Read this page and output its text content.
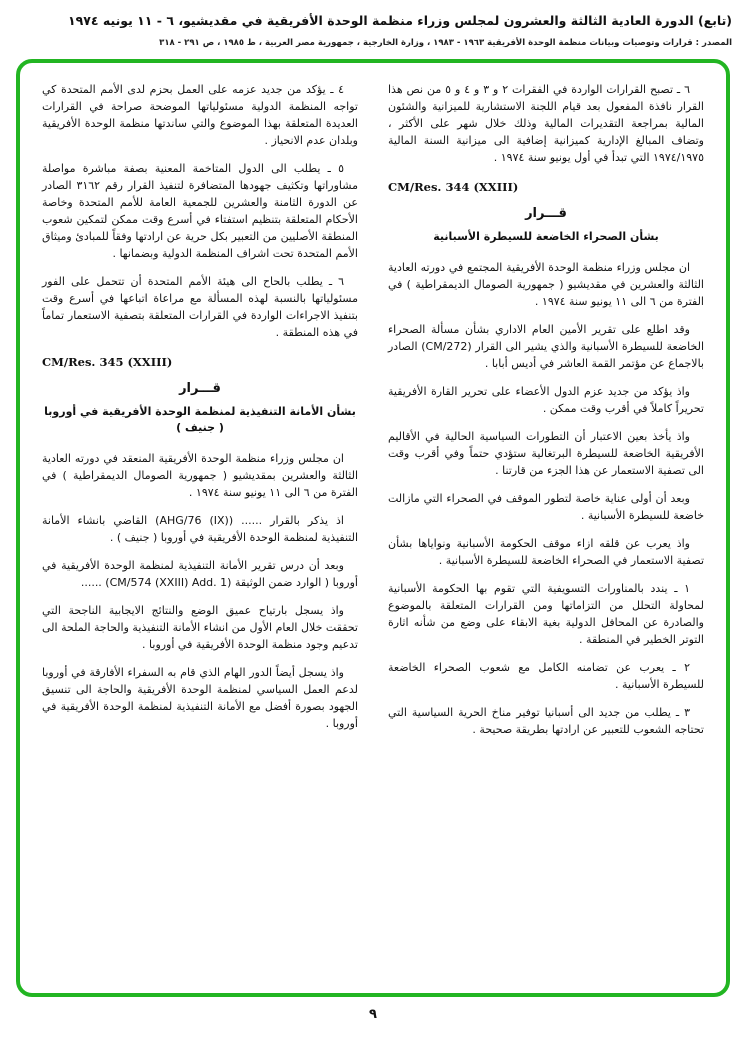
(تابع) الدورة العادية الثالثة والعشرون لمجلس وزراء منظمة الوحدة الأفريقية في مقديشيو، ٦ - ١١ يونيه ١٩٧٤
المصدر : قرارات وتوصيات وبيانات منظمة الوحدة الأفريقية ١٩٦٣ - ١٩٨٣ ، وزارة الخارجية ، جمهورية مصر العربية ، ط ١٩٨٥ ، ص ٢٩١ - ٣١٨

٦ ـ تصبح القرارات الواردة في الفقرات ٢ و ٣ و ٤ و ٥ من نص هذا القرار نافذة المفعول بعد قيام اللجنة الاستشارية للميزانية والشئون المالية بمراجعة التقديرات المالية وذلك خلال شهر على الأكثر ، وتضاف المبالغ الإدارية كميزانية إضافية الى ميزانية السنة المالية ١٩٧٤/١٩٧٥ التي تبدأ في أول يونيو سنة ١٩٧٤ .

CM/Res. 344 (XXIII)

قـــرار
بشأن الصحراء الخاضعة للسيطرة الأسبانية

ان مجلس وزراء منظمة الوحدة الأفريقية المجتمع في دورته العادية الثالثة والعشرين في مقديشيو ( جمهورية الصومال الديمقراطية ) في الفترة من ٦ الى ١١ يونيو سنة ١٩٧٤ .

وقد اطلع على تقرير الأمين العام الاداري بشأن مسألة الصحراء الخاضعة للسيطرة الأسبانية والذي يشير الى القرار (CM/272) الصادر بالاجماع عن مؤتمر القمة العاشر في أديس أبابا .

واذ يؤكد من جديد عزم الدول الأعضاء على تحرير القارة الأفريقية تحريراً كاملاً في أقرب وقت ممكن .

واذ يأخذ بعين الاعتبار أن التطورات السياسية الحالية في الأقاليم الأفريقية الخاضعة للسيطرة البرتغالية ستؤدي حتماً وفي أقرب وقت الى تصفية الاستعمار عن هذا الجزء من قارتنا .

وبعد أن أولى عناية خاصة لتطور الموقف في الصحراء التي مازالت خاضعة للسيطرة الأسبانية .

واذ يعرب عن قلقه ازاء موقف الحكومة الأسبانية ونواياها بشأن تصفية الاستعمار في الصحراء الخاضعة للسيطرة الأسبانية .

١ ـ يندد بالمناورات التسويفية التي تقوم بها الحكومة الأسبانية لمحاولة التحلل من التزاماتها ومن القرارات المتعلقة بالموضوع والصادرة عن المحافل الدولية بغية الابقاء على وضع من شأنه اثارة التوتر الخطير في المنطقة .

٢ ـ يعرب عن تضامنه الكامل مع شعوب الصحراء الخاضعة للسيطرة الأسبانية .

٣ ـ يطلب من جديد الى أسبانيا توفير مناخ الحرية السياسية التي تحتاجه الشعوب للتعبير عن ارادتها بطريقة صحيحة .

٤ ـ يؤكد من جديد عزمه على العمل بحزم لدى الأمم المتحدة كي تواجه المنظمة الدولية مسئولياتها الموضحة صراحة في القرارات العديدة المتعلقة بهذا الموضوع والتي ساندتها منظمة الوحدة الأفريقية وبلدان عدم الانحياز .

٥ ـ يطلب الى الدول المتاخمة المعنية بصفة مباشرة مواصلة مشاوراتها وتكثيف جهودها المتضافرة لتنفيذ القرار رقم ٣١٦٢ الصادر عن الدورة الثامنة والعشرين للجمعية العامة للأمم المتحدة وخاصة الأحكام المتعلقة بتنظيم استفتاء في أسرع وقت ممكن لتمكين شعوب المنطقة الأصليين من التعبير بكل حرية عن ارادتها وفقاً للمبادئ وميثاق الأمم المتحدة تحت اشراف المنظمة الدولية وبضمانها .

٦ ـ يطلب بالحاح الى هيئة الأمم المتحدة أن تتحمل على الفور مسئولياتها بالنسبة لهذه المسألة مع مراعاة اتباعها في أسرع وقت بتنفيذ الاجراءات الواردة في القرارات المتعلقة بتصفية الاستعمار تماماً في هذه المنطقة .

CM/Res. 345 (XXIII)

قـــرار
بشأن الأمانة التنفيذية لمنظمة الوحدة الأفريقية في أوروبا ( جنيف )

ان مجلس وزراء منظمة الوحدة الأفريقية المنعقد في دورته العادية الثالثة والعشرين بمقديشيو ( جمهورية الصومال الديمقراطية ) في الفترة من ٦ الى ١١ يونيو سنة ١٩٧٤ .

اذ يذكر بالقرار ...... (AHG/76 (IX)) القاضي بانشاء الأمانة التنفيذية لمنظمة الوحدة الأفريقية في أوروبا ( جنيف ) .

وبعد أن درس تقرير الأمانة التنفيذية لمنظمة الوحدة الأفريقية في أوروبا ( الوارد ضمن الوثيقة (CM/574 (XXIII) Add. 1) ......

واذ يسجل بارتياح عميق الوضع والنتائج الايجابية الناجحة التي تحققت خلال العام الأول من انشاء الأمانة التنفيذية والحاجة الملحة الى تدعيم وجود منظمة الوحدة الأفريقية في أوروبا .

واذ يسجل أيضاً الدور الهام الذي قام به السفراء الأفارقة في أوروبا لدعم العمل السياسي لمنظمة الوحدة الأفريقية والحاجة الى تنسيق الجهود بصورة أفضل مع الأمانة التنفيذية لمنظمة الوحدة الأفريقية في أوروبا .

٩
